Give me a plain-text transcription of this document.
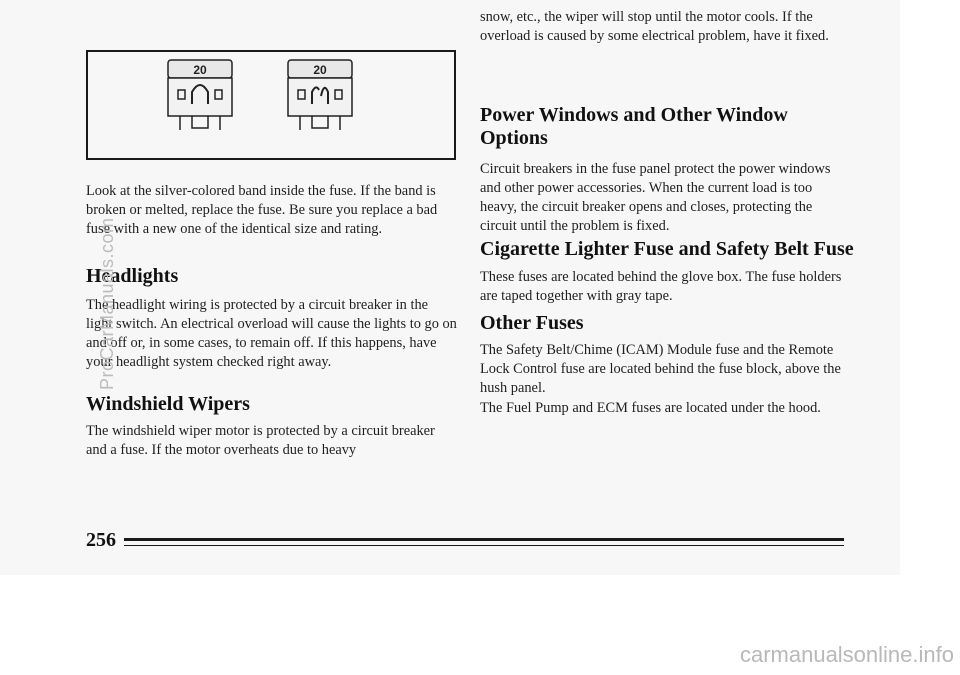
20	20

Look at the silver-colored band inside the fuse. If the band is broken or melted, replace the fuse. Be sure you replace a bad fuse with a new one of the identical size and rating.

Headlights

The headlight wiring is protected by a circuit breaker in the light switch. An electrical overload will cause the lights to go on and off or, in some cases, to remain off. If this happens, have your headlight system checked right away.

Windshield Wipers

The windshield wiper motor is protected by a circuit breaker and a fuse. If the motor overheats due to heavy

snow, etc., the wiper will stop until the motor cools. If the overload is caused by some electrical problem, have it fixed.

Power Windows and Other Window Options

Circuit breakers in the fuse panel protect the power windows and other power accessories. When the current load is too heavy, the circuit breaker opens and closes, protecting the circuit until the problem is fixed.

Cigarette Lighter Fuse and Safety Belt Fuse

These fuses are located behind the glove box. The fuse holders are taped together with gray tape.

Other Fuses

The Safety Belt/Chime (ICAM) Module fuse and the Remote Lock Control fuse are located behind the fuse block, above the hush panel.

The Fuel Pump and ECM fuses are located under the hood.

256
ProCarManuals.com
carmanualsonline.info
